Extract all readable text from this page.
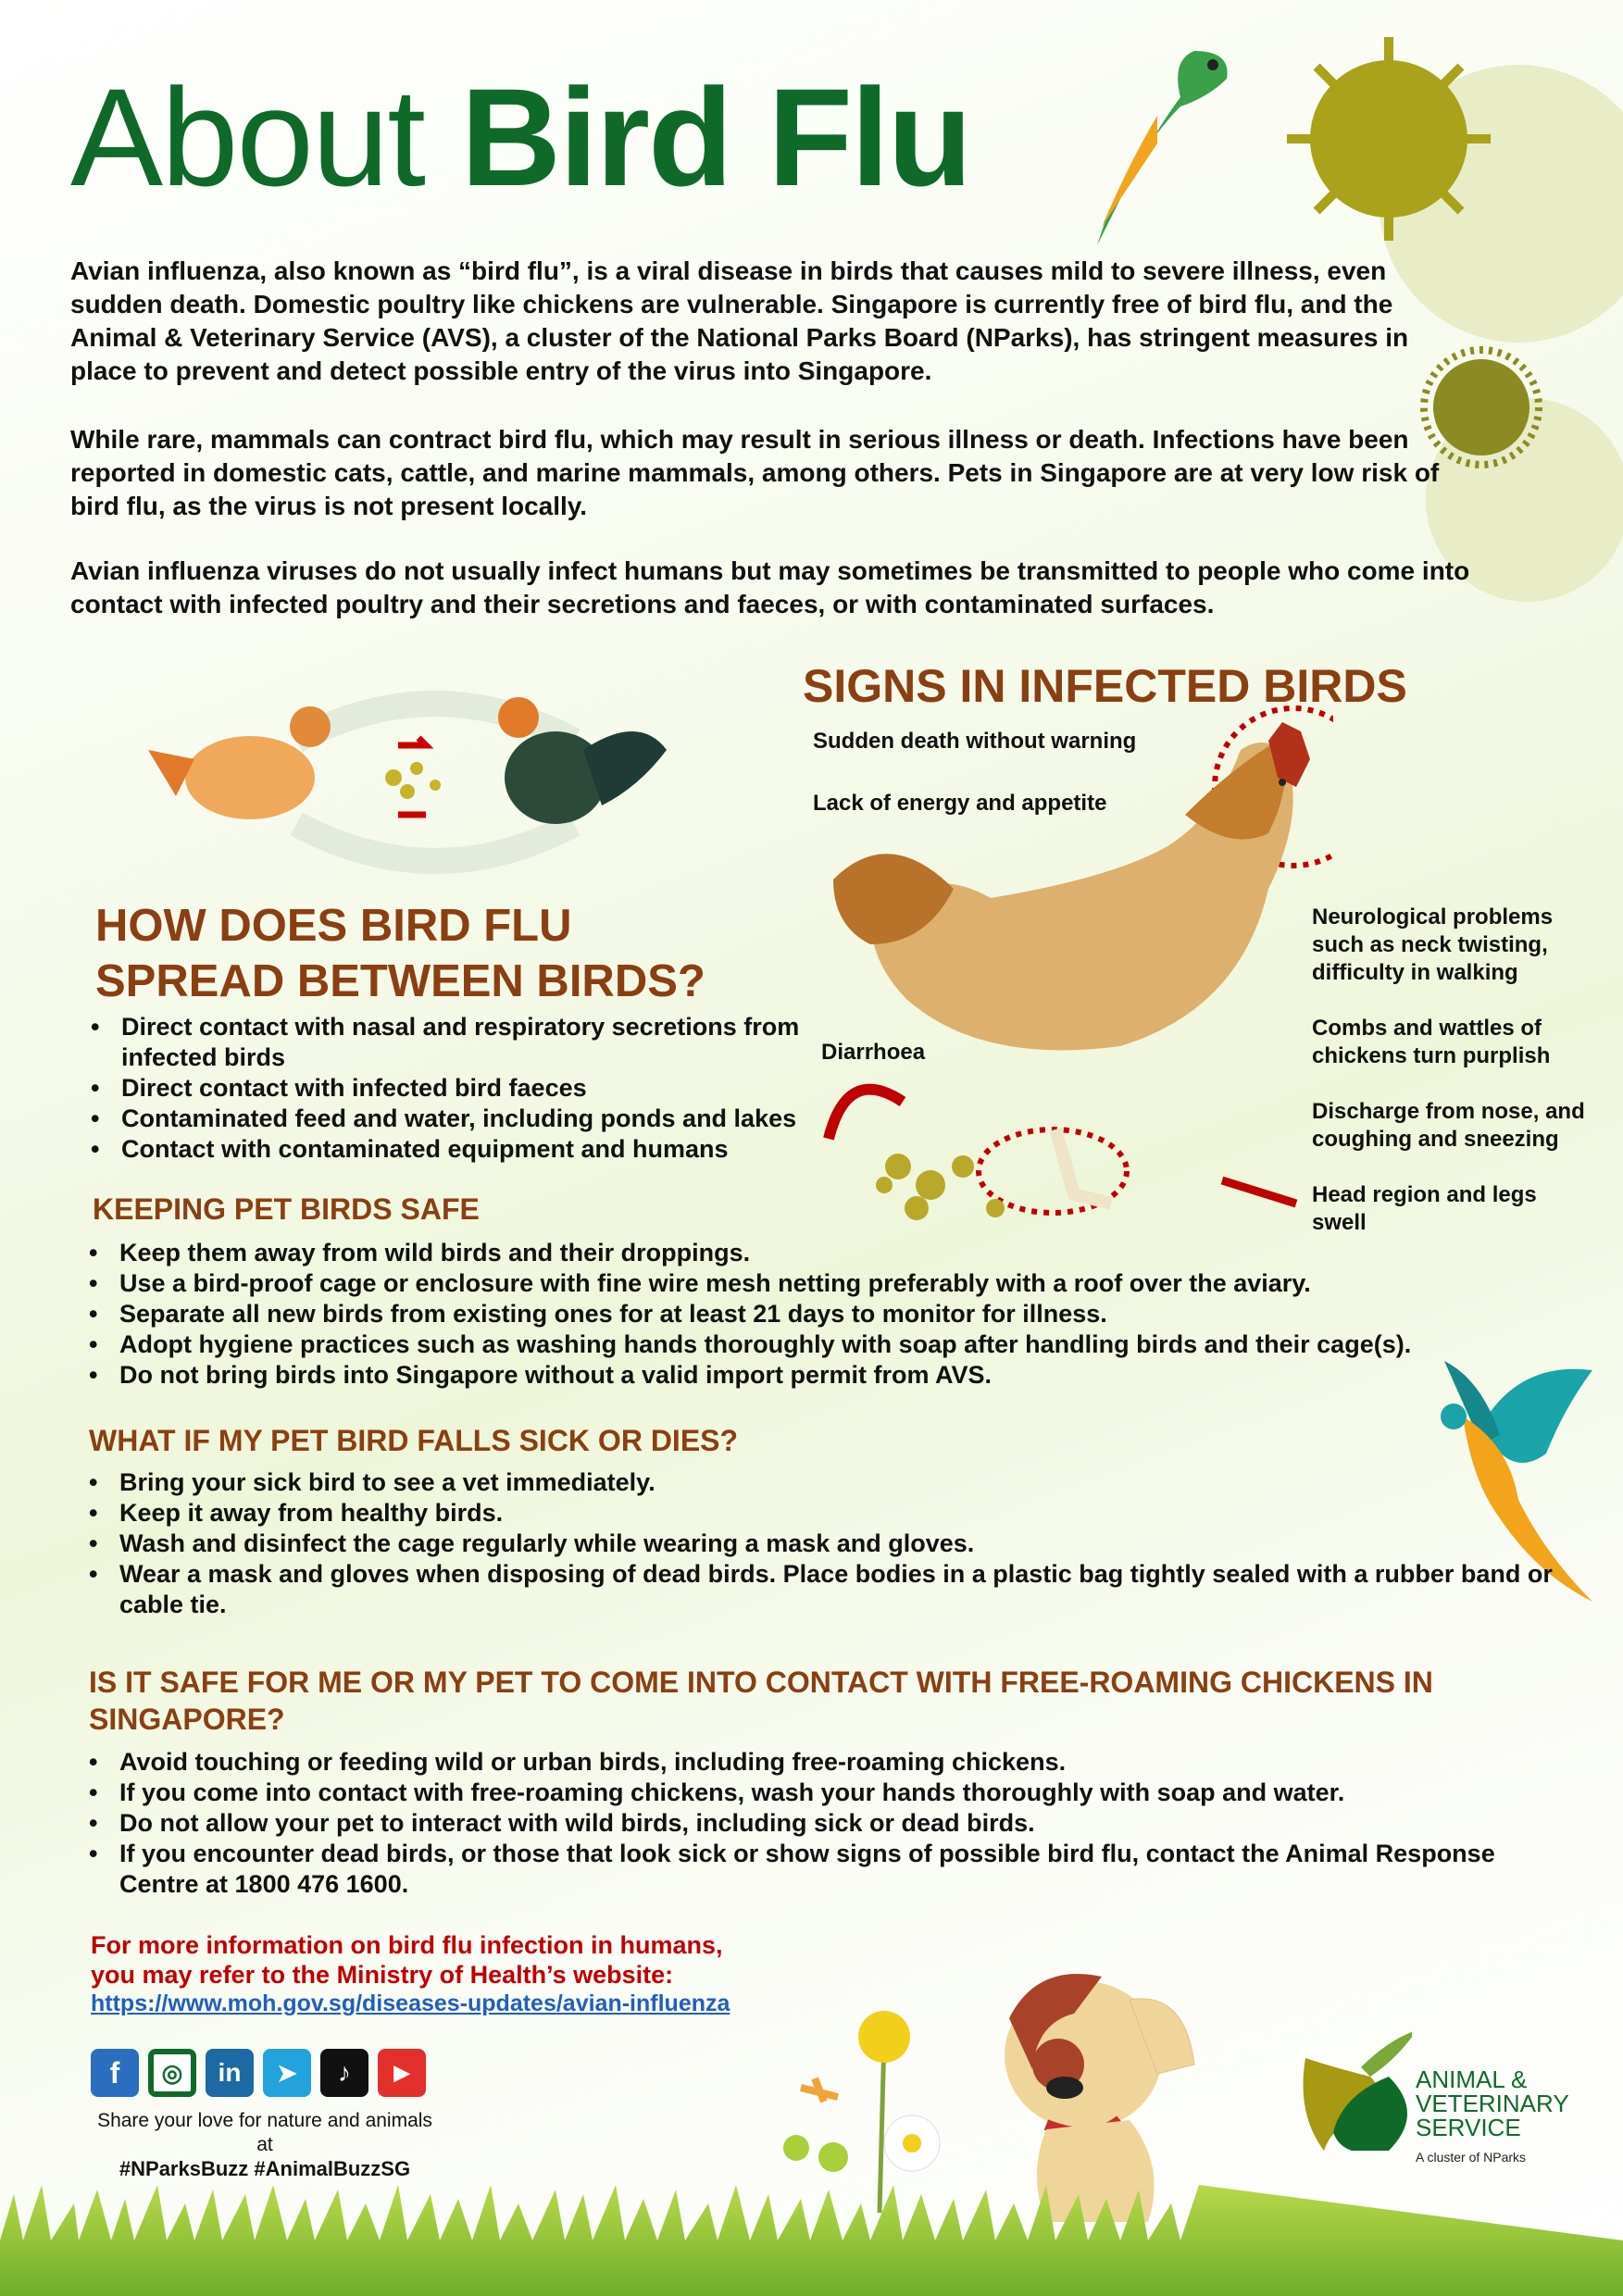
About Bird Flu

Avian influenza, also known as “bird flu”, is a viral disease in birds that causes mild to severe illness, even sudden death. Domestic poultry like chickens are vulnerable. Singapore is currently free of bird flu, and the Animal & Veterinary Service (AVS), a cluster of the National Parks Board (NParks), has stringent measures in place to prevent and detect possible entry of the virus into Singapore.

While rare, mammals can contract bird flu, which may result in serious illness or death. Infections have been reported in domestic cats, cattle, and marine mammals, among others. Pets in Singapore are at very low risk of bird flu, as the virus is not present locally.

Avian influenza viruses do not usually infect humans but may sometimes be transmitted to people who come into contact with infected poultry and their secretions and faeces, or with contaminated surfaces.

SIGNS IN INFECTED BIRDS
Sudden death without warning
Lack of energy and appetite
Diarrhoea
Neurological problems such as neck twisting, difficulty in walking
Combs and wattles of chickens turn purplish
Discharge from nose, and coughing and sneezing
Head region and legs swell
HOW DOES BIRD FLU
SPREAD BETWEEN BIRDS?
• Direct contact with nasal and respiratory secretions from infected birds
• Direct contact with infected bird faeces
• Contaminated feed and water, including ponds and lakes
• Contact with contaminated equipment and humans
KEEPING PET BIRDS SAFE
• Keep them away from wild birds and their droppings.
• Use a bird-proof cage or enclosure with fine wire mesh netting preferably with a roof over the aviary.
• Separate all new birds from existing ones for at least 21 days to monitor for illness.
• Adopt hygiene practices such as washing hands thoroughly with soap after handling birds and their cage(s).
• Do not bring birds into Singapore without a valid import permit from AVS.
WHAT IF MY PET BIRD FALLS SICK OR DIES?
• Bring your sick bird to see a vet immediately.
• Keep it away from healthy birds.
• Wash and disinfect the cage regularly while wearing a mask and gloves.
• Wear a mask and gloves when disposing of dead birds. Place bodies in a plastic bag tightly sealed with a rubber band or cable tie.
IS IT SAFE FOR ME OR MY PET TO COME INTO CONTACT WITH FREE-ROAMING CHICKENS IN SINGAPORE?
• Avoid touching or feeding wild or urban birds, including free-roaming chickens.
• If you come into contact with free-roaming chickens, wash your hands thoroughly with soap and water.
• Do not allow your pet to interact with wild birds, including sick or dead birds.
• If you encounter dead birds, or those that look sick or show signs of possible bird flu, contact the Animal Response Centre at 1800 476 1600.
For more information on bird flu infection in humans,
you may refer to the Ministry of Health’s website:
https://www.moh.gov.sg/diseases-updates/avian-influenza
f	◎	in	➤	♪	▶
Share your love for nature and animals at
#NParksBuzz #AnimalBuzzSG
ANIMAL &
VETERINARY
SERVICE
A cluster of NParks
